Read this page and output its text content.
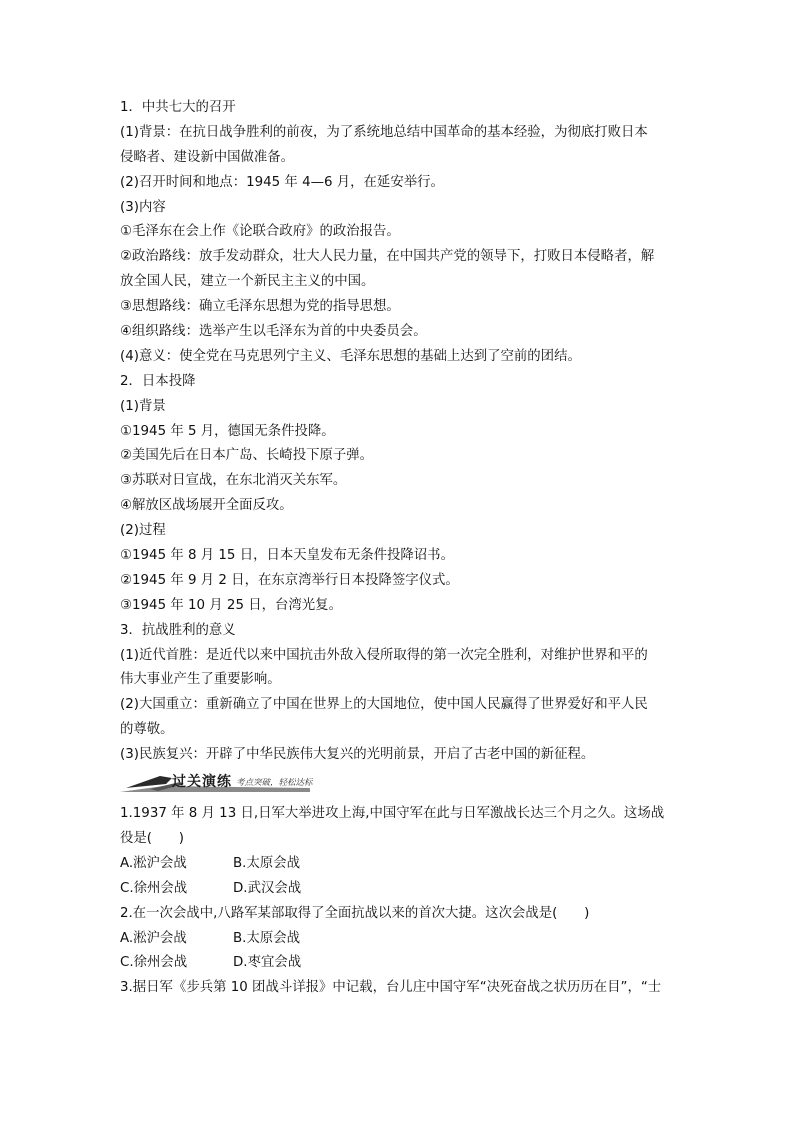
1．中共七大的召开
(1)背景：在抗日战争胜利的前夜，为了系统地总结中国革命的基本经验，为彻底打败日本
侵略者、建设新中国做准备。
(2)召开时间和地点：1945 年 4—6 月，在延安举行。
(3)内容
①毛泽东在会上作《论联合政府》的政治报告。
②政治路线：放手发动群众，壮大人民力量，在中国共产党的领导下，打败日本侵略者，解
放全国人民，建立一个新民主主义的中国。
③思想路线：确立毛泽东思想为党的指导思想。
④组织路线：选举产生以毛泽东为首的中央委员会。
(4)意义：使全党在马克思列宁主义、毛泽东思想的基础上达到了空前的团结。
2．日本投降
(1)背景
①1945 年 5 月，德国无条件投降。
②美国先后在日本广岛、长崎投下原子弹。
③苏联对日宣战，在东北消灭关东军。
④解放区战场展开全面反攻。
(2)过程
①1945 年 8 月 15 日，日本天皇发布无条件投降诏书。
②1945 年 9 月 2 日，在东京湾举行日本投降签字仪式。
③1945 年 10 月 25 日，台湾光复。
3．抗战胜利的意义
(1)近代首胜：是近代以来中国抗击外敌入侵所取得的第一次完全胜利，对维护世界和平的
伟大事业产生了重要影响。
(2)大国重立：重新确立了中国在世界上的大国地位，使中国人民赢得了世界爱好和平人民
的尊敬。
(3)民族复兴：开辟了中华民族伟大复兴的光明前景，开启了古老中国的新征程。
过关演练 考点突破，轻松达标
1.1937 年 8 月 13 日,日军大举进攻上海,中国守军在此与日军激战长达三个月之久。这场战
役是(　　)
A.淞沪会战	B.太原会战
C.徐州会战	D.武汉会战
2.在一次会战中,八路军某部取得了全面抗战以来的首次大捷。这次会战是(　　)
A.淞沪会战	B.太原会战
C.徐州会战	D.枣宜会战
3.据日军《步兵第 10 团战斗详报》中记载，台儿庄中国守军“决死奋战之状历历在目”，“士
